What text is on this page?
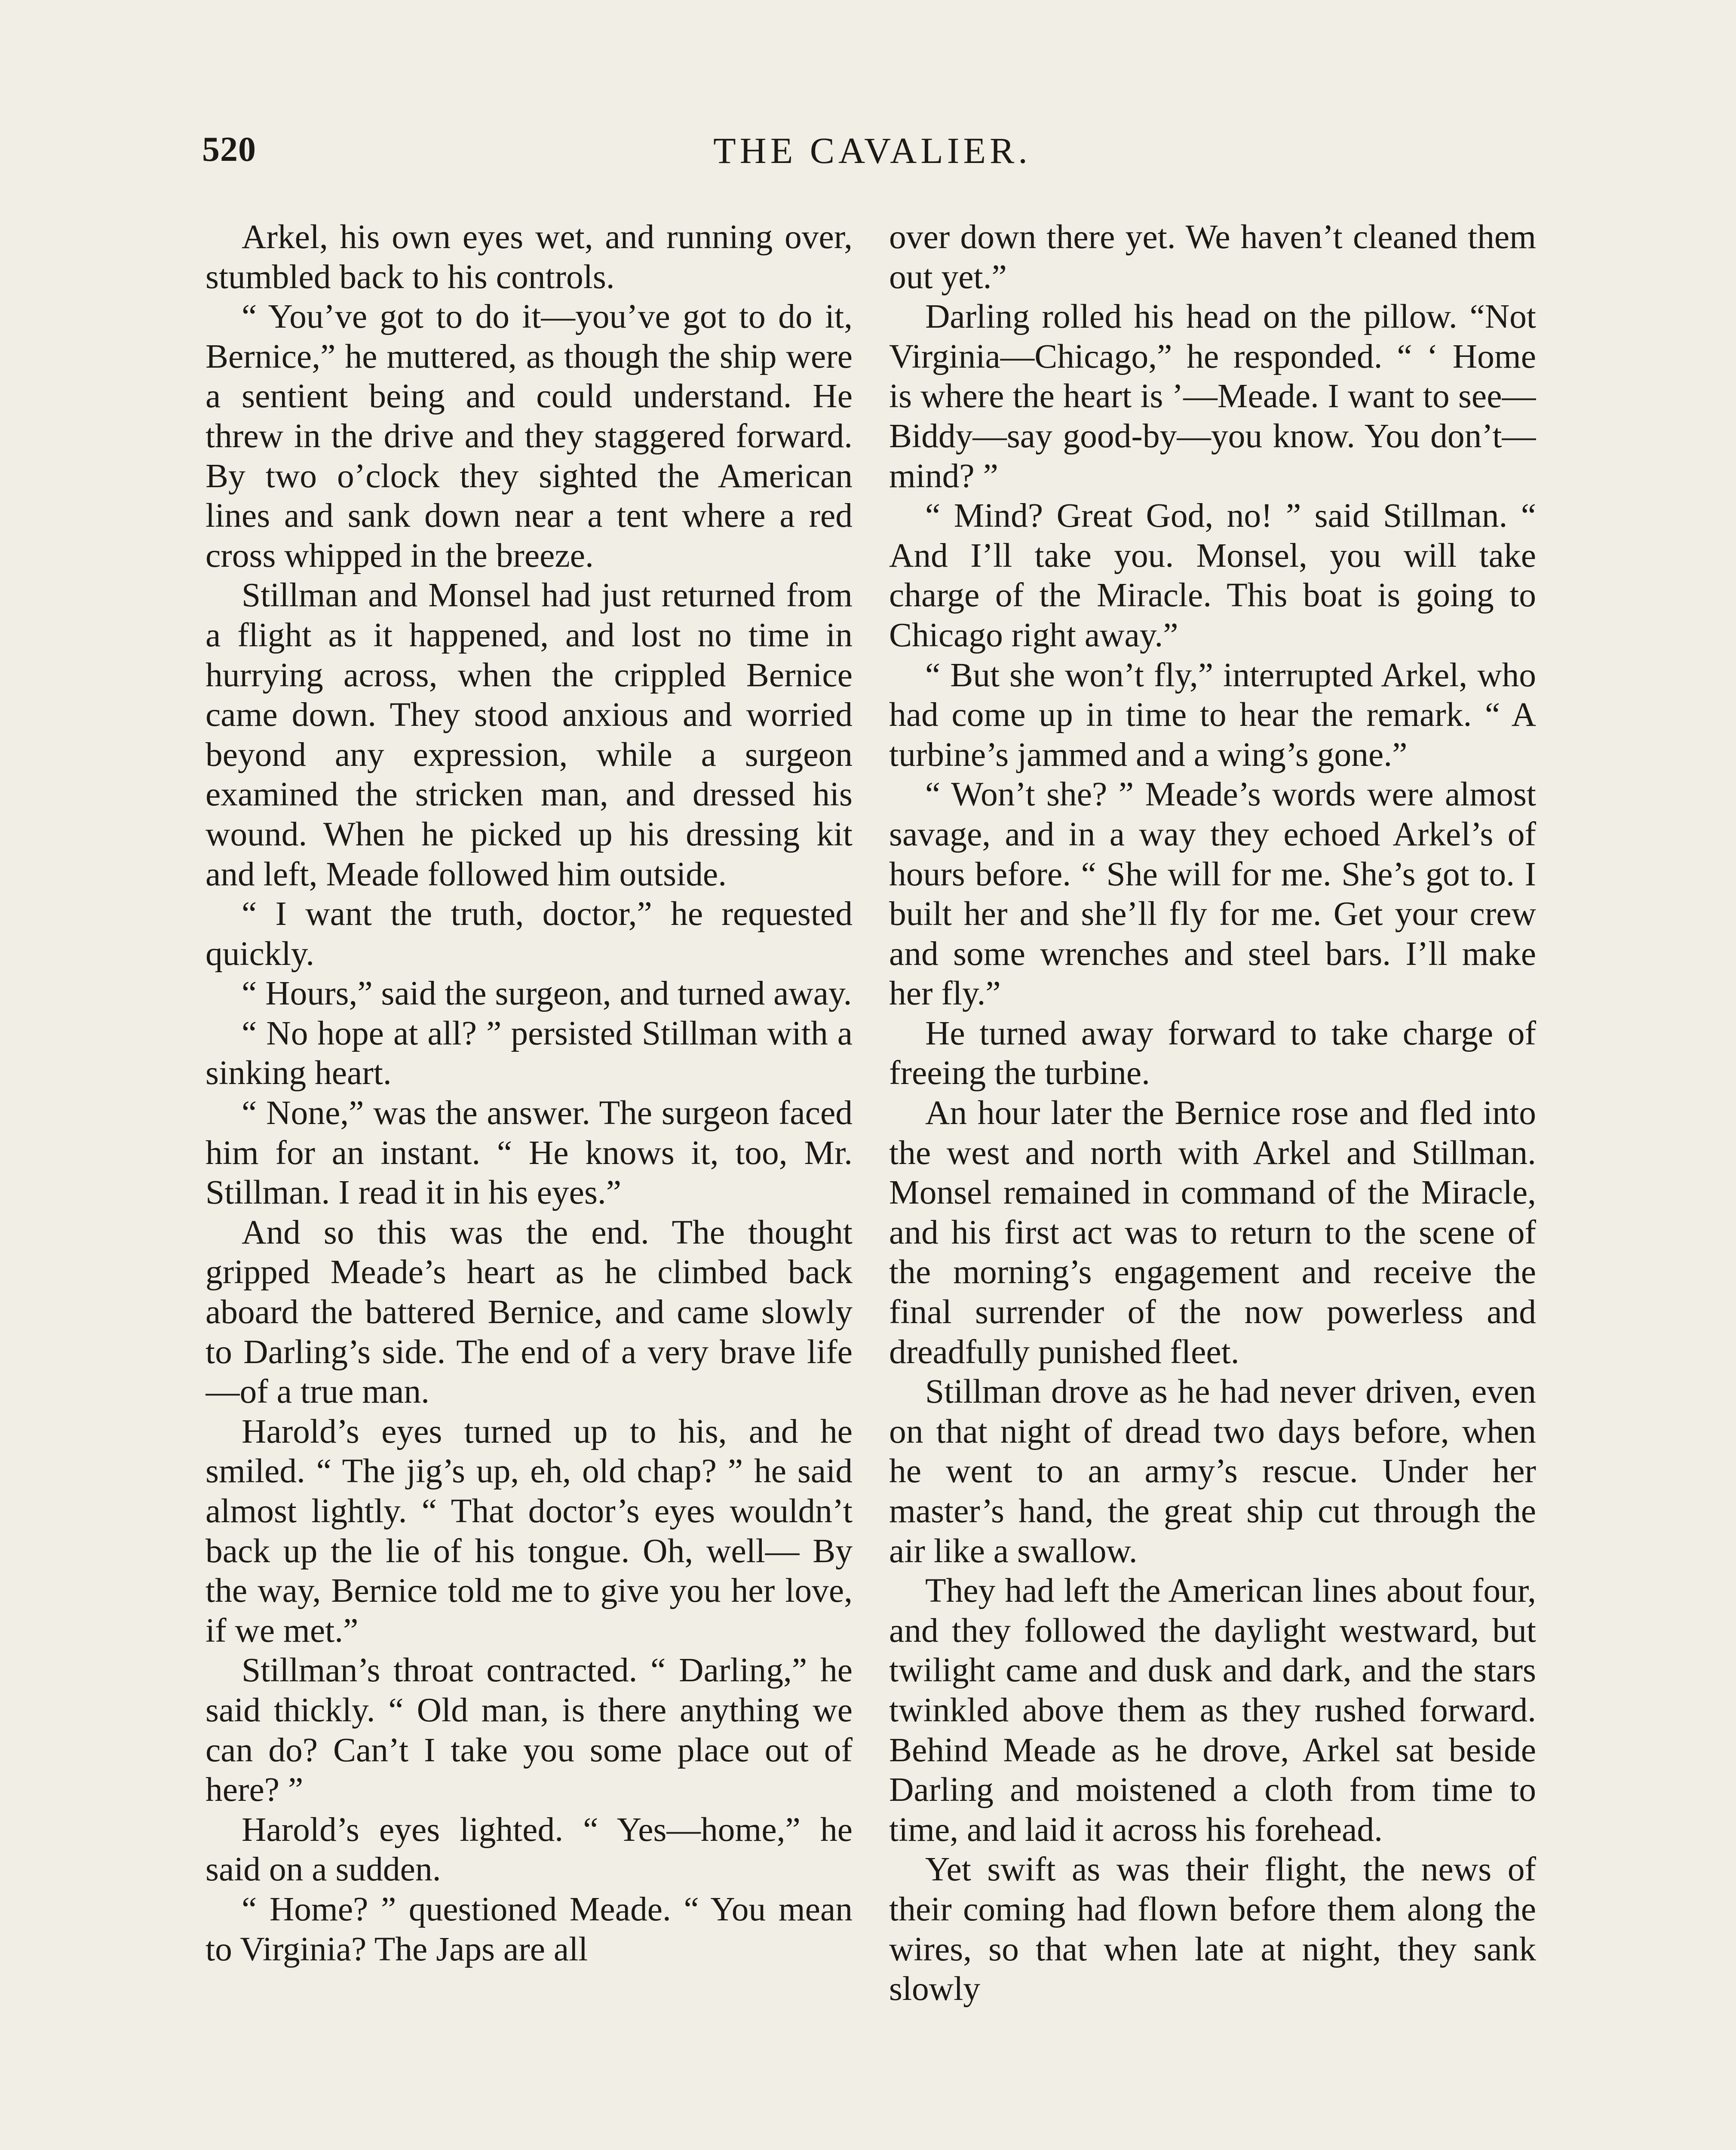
520	THE CAVALIER.

Arkel, his own eyes wet, and running over, stumbled back to his controls.

“ You’ve got to do it—you’ve got to do it, Bernice,” he muttered, as though the ship were a sentient being and could understand. He threw in the drive and they staggered forward. By two o’clock they sighted the American lines and sank down near a tent where a red cross whipped in the breeze.

Stillman and Monsel had just returned from a flight as it happened, and lost no time in hurrying across, when the crippled Bernice came down. They stood anxious and worried beyond any expression, while a surgeon examined the stricken man, and dressed his wound. When he picked up his dressing kit and left, Meade followed him outside.

“ I want the truth, doctor,” he requested quickly.

“ Hours,” said the surgeon, and turned away.

“ No hope at all? ” persisted Stillman with a sinking heart.

“ None,” was the answer. The surgeon faced him for an instant. “ He knows it, too, Mr. Stillman. I read it in his eyes.”

And so this was the end. The thought gripped Meade’s heart as he climbed back aboard the battered Bernice, and came slowly to Darling’s side. The end of a very brave life—of a true man.

Harold’s eyes turned up to his, and he smiled. “ The jig’s up, eh, old chap? ” he said almost lightly. “ That doctor’s eyes wouldn’t back up the lie of his tongue. Oh, well— By the way, Bernice told me to give you her love, if we met.”

Stillman’s throat contracted. “ Darling,” he said thickly. “ Old man, is there anything we can do? Can’t I take you some place out of here? ”

Harold’s eyes lighted. “ Yes—home,” he said on a sudden.

“ Home? ” questioned Meade. “ You mean to Virginia? The Japs are all

over down there yet. We haven’t cleaned them out yet.”

Darling rolled his head on the pillow. “Not Virginia—Chicago,” he responded. “ ‘ Home is where the heart is ’—Meade. I want to see—Biddy—say good-by—you know. You don’t—mind? ”

“ Mind? Great God, no! ” said Stillman. “ And I’ll take you. Monsel, you will take charge of the Miracle. This boat is going to Chicago right away.”

“ But she won’t fly,” interrupted Arkel, who had come up in time to hear the remark. “ A turbine’s jammed and a wing’s gone.”

“ Won’t she? ” Meade’s words were almost savage, and in a way they echoed Arkel’s of hours before. “ She will for me. She’s got to. I built her and she’ll fly for me. Get your crew and some wrenches and steel bars. I’ll make her fly.”

He turned away forward to take charge of freeing the turbine.

An hour later the Bernice rose and fled into the west and north with Arkel and Stillman. Monsel remained in command of the Miracle, and his first act was to return to the scene of the morning’s engagement and receive the final surrender of the now powerless and dreadfully punished fleet.

Stillman drove as he had never driven, even on that night of dread two days before, when he went to an army’s rescue. Under her master’s hand, the great ship cut through the air like a swallow.

They had left the American lines about four, and they followed the daylight westward, but twilight came and dusk and dark, and the stars twinkled above them as they rushed forward. Behind Meade as he drove, Arkel sat beside Darling and moistened a cloth from time to time, and laid it across his forehead.

Yet swift as was their flight, the news of their coming had flown before them along the wires, so that when late at night, they sank slowly
